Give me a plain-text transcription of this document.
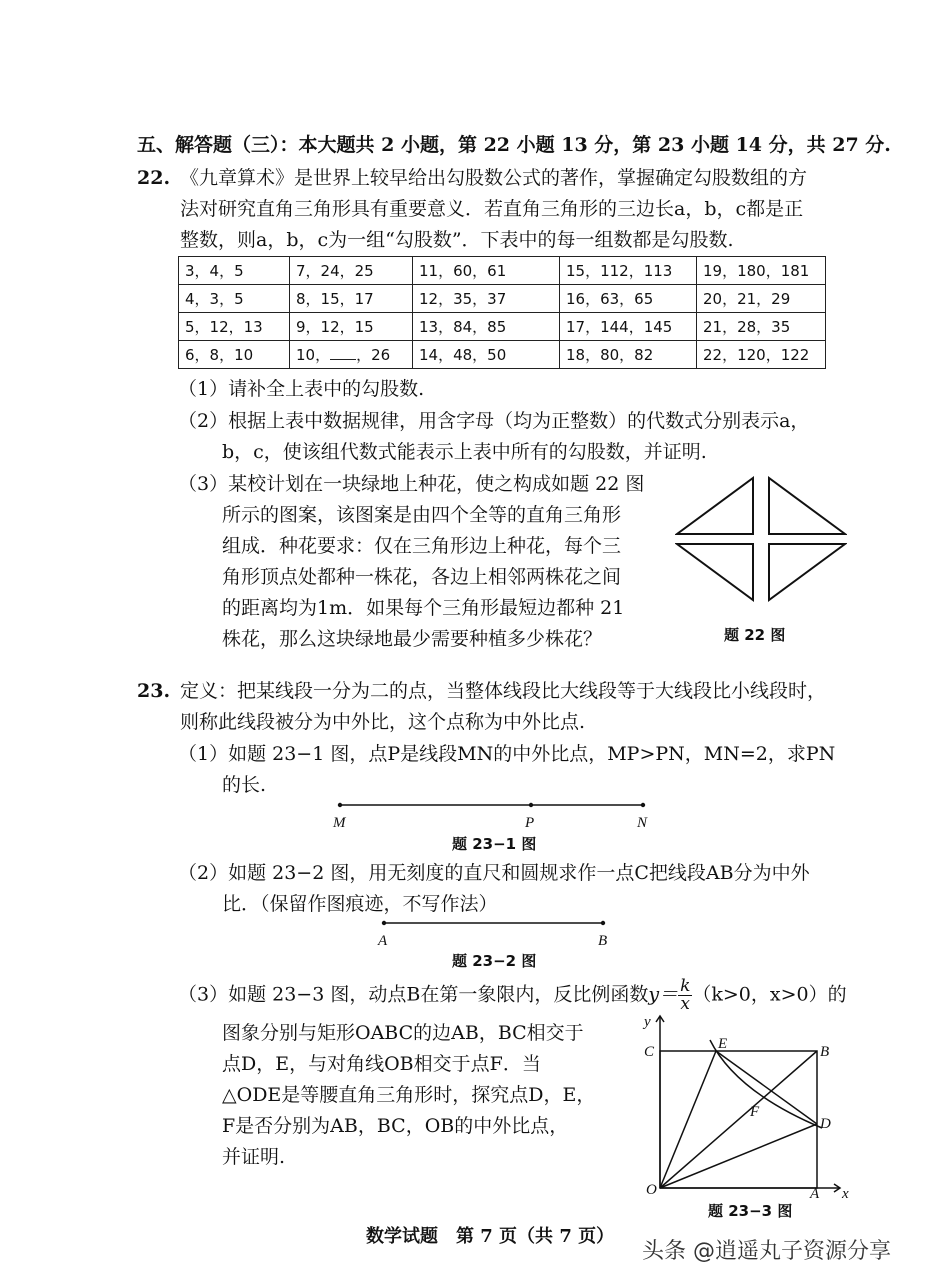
五、解答题（三）：本大题共 2 小题，第 22 小题 13 分，第 23 小题 14 分，共 27 分.
22. 《九章算术》是世界上较早给出勾股数公式的著作，掌握确定勾股数组的方
法对研究直角三角形具有重要意义．若直角三角形的三边长a，b，c都是正
整数，则a，b，c为一组“勾股数”．下表中的每一组数都是勾股数.
3，4，5	7，24，25	11，60，61	15，112，113	19，180，181
4，3，5	8，15，17	12，35，37	16，63，65	20，21，29
5，12，13	9，12，15	13，84，85	17，144，145	21，28，35
6，8，10	10， ，26	14，48，50	18，80，82	22，120，122
（1）请补全上表中的勾股数.
（2）根据上表中数据规律，用含字母（均为正整数）的代数式分别表示a，
b，c，使该组代数式能表示上表中所有的勾股数，并证明.
（3）某校计划在一块绿地上种花，使之构成如题 22 图
所示的图案，该图案是由四个全等的直角三角形
组成．种花要求：仅在三角形边上种花，每个三
角形顶点处都种一株花，各边上相邻两株花之间
的距离均为1m．如果每个三角形最短边都种 21
株花，那么这块绿地最少需要种植多少株花？	题 22 图
23. 定义：把某线段一分为二的点，当整体线段比大线段等于大线段比小线段时，
则称此线段被分为中外比，这个点称为中外比点.
（1）如题 23−1 图，点P是线段MN的中外比点，MP>PN，MN=2，求PN
的长.
M	P	N
题 23−1 图
（2）如题 23−2 图，用无刻度的直尺和圆规求作一点C把线段AB分为中外
比．（保留作图痕迹，不写作法）
A	B
题 23−2 图
（3）如题 23−3 图，动点B在第一象限内，反比例函数$y= \frac{k}{x} (k>0$，x>0）的
图象分别与矩形OABC的边AB，BC相交于
点D，E，与对角线OB相交于点F．当
△ODE是等腰直角三角形时，探究点D，E，
F是否分别为AB，BC，OB的中外比点，
并证明.
y
x
O	A
B
C
D
E
F
题 23−3 图
数学试题　第 7 页（共 7 页）
头条 @逍遥丸子资源分享
